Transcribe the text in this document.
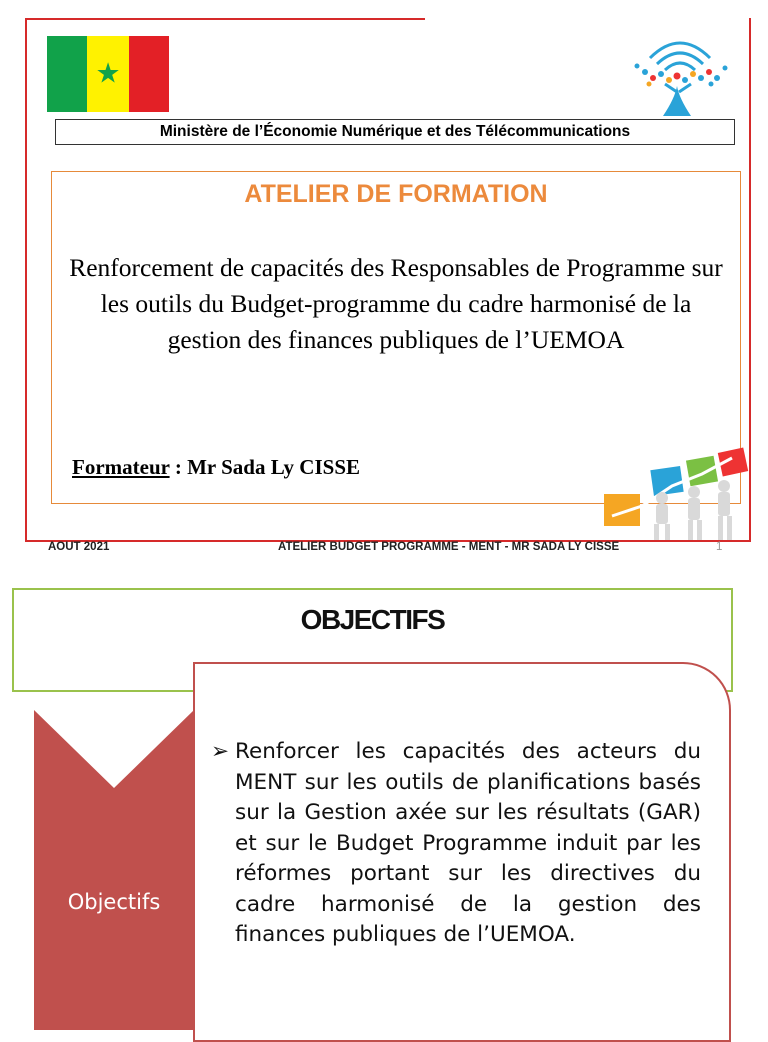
★
Ministère de l’Économie Numérique et des Télécommunications
ATELIER DE FORMATION
Renforcement de capacités des Responsables de Programme sur les outils du Budget-programme du cadre harmonisé de la gestion des finances publiques de l’UEMOA
Formateur : Mr Sada Ly CISSE
AOUT 2021	ATELIER BUDGET PROGRAMME - MENT - MR SADA LY CISSE	1
OBJECTIFS
Objectifs
➢ Renforcer les capacités des acteurs du MENT sur les outils de planifications basés sur la Gestion axée sur les résultats (GAR) et sur le Budget Programme induit par les réformes portant sur les directives du cadre harmonisé de la gestion des finances publiques de l’UEMOA.
